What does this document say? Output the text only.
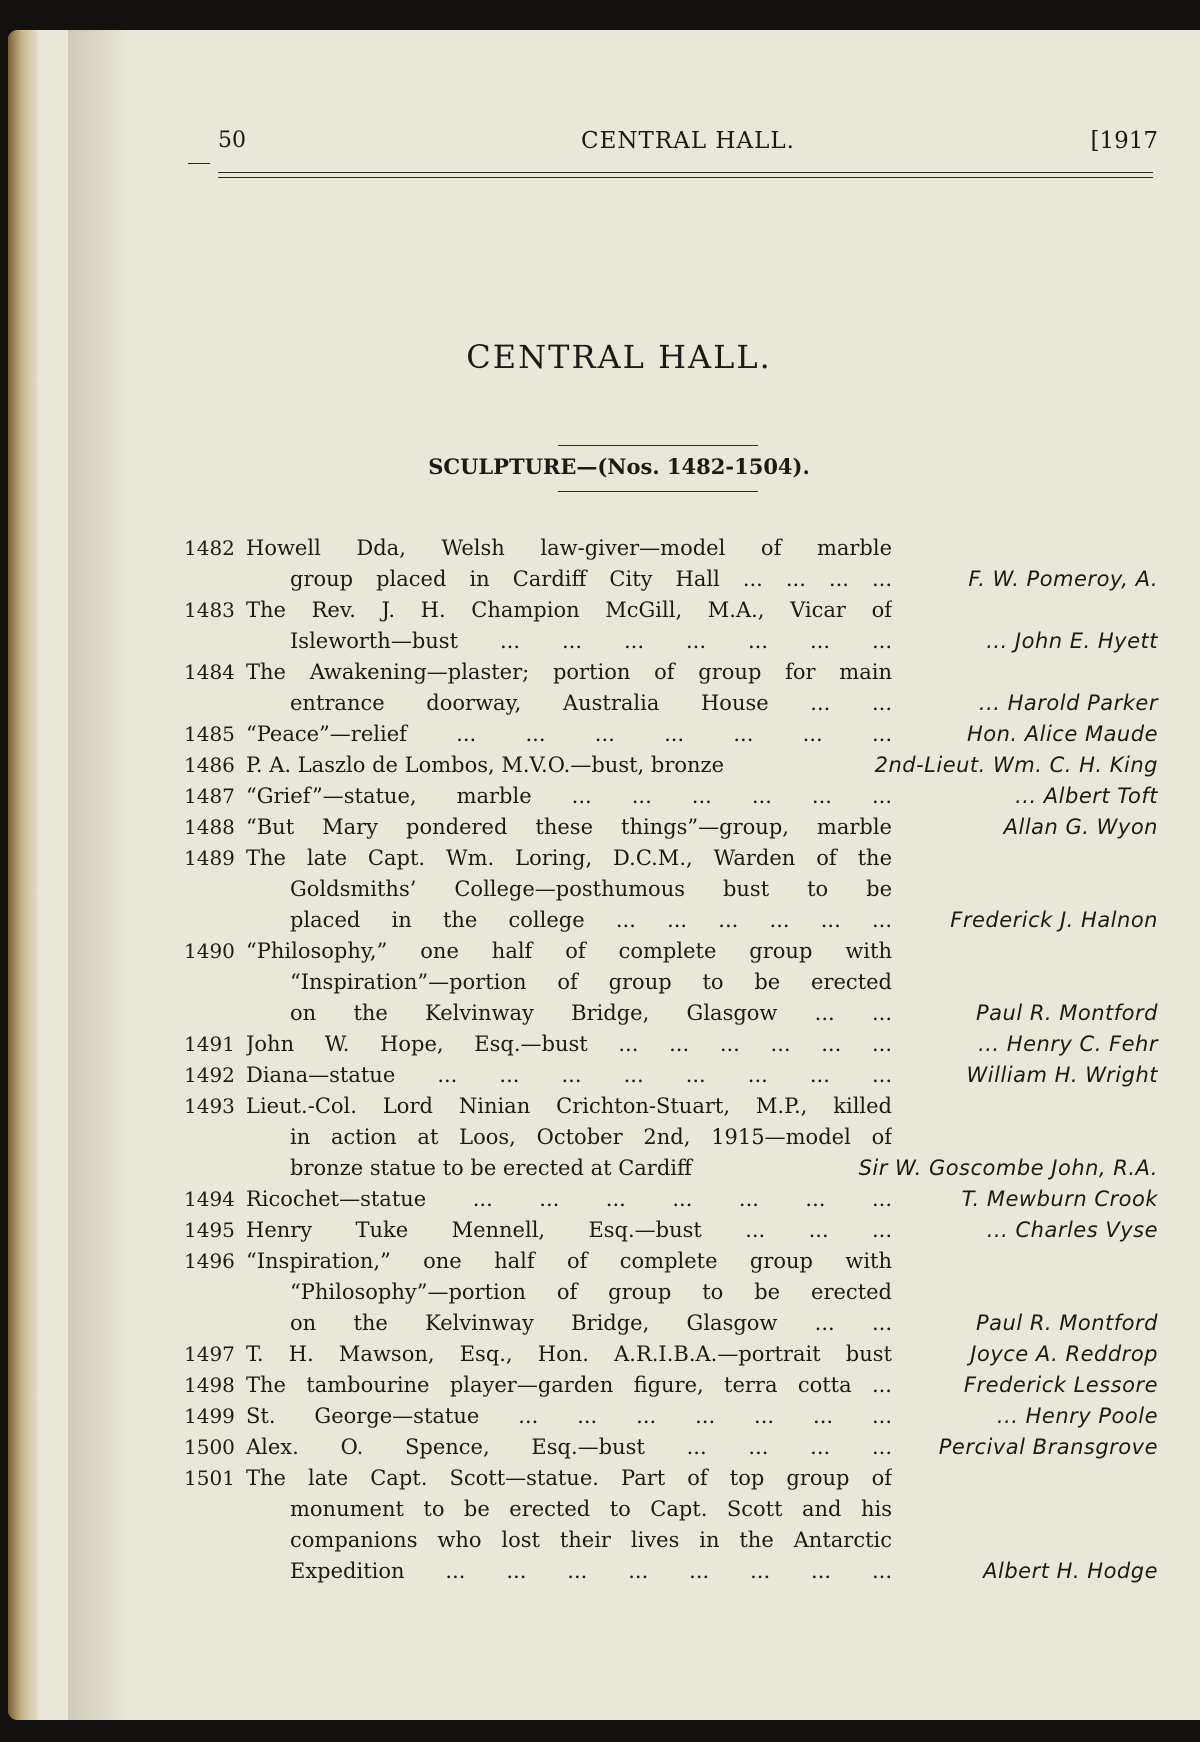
50	CENTRAL HALL.	[1917
CENTRAL HALL.
SCULPTURE—(Nos. 1482-1504).
1482 Howell Dda, Welsh law-giver—model of marble
group placed in Cardiff City Hall ... ... ... ...	F. W. Pomeroy, A.
1483 The Rev. J. H. Champion McGill, M.A., Vicar of
Isleworth—bust ... ... ... ... ... ... ...	... John E. Hyett
1484 The Awakening—plaster; portion of group for main
entrance doorway, Australia House ... ...	... Harold Parker
1485 “Peace”—relief ... ... ... ... ... ... ...	Hon. Alice Maude
1486 P. A. Laszlo de Lombos, M.V.O.—bust, bronze	2nd-Lieut. Wm. C. H. King
1487 “Grief”—statue, marble ... ... ... ... ... ...	... Albert Toft
1488 “But Mary pondered these things”—group, marble	Allan G. Wyon
1489 The late Capt. Wm. Loring, D.C.M., Warden of the
Goldsmiths’ College—posthumous bust to be
placed in the college ... ... ... ... ... ...	Frederick J. Halnon
1490 “Philosophy,” one half of complete group with
“Inspiration”—portion of group to be erected
on the Kelvinway Bridge, Glasgow ... ...	Paul R. Montford
1491 John W. Hope, Esq.—bust ... ... ... ... ... ...	... Henry C. Fehr
1492 Diana—statue ... ... ... ... ... ... ... ...	William H. Wright
1493 Lieut.-Col. Lord Ninian Crichton-Stuart, M.P., killed
in action at Loos, October 2nd, 1915—model of
bronze statue to be erected at Cardiff	Sir W. Goscombe John, R.A.
1494 Ricochet—statue ... ... ... ... ... ... ...	T. Mewburn Crook
1495 Henry Tuke Mennell, Esq.—bust ... ... ...	... Charles Vyse
1496 “Inspiration,” one half of complete group with
“Philosophy”—portion of group to be erected
on the Kelvinway Bridge, Glasgow ... ...	Paul R. Montford
1497 T. H. Mawson, Esq., Hon. A.R.I.B.A.—portrait bust	Joyce A. Reddrop
1498 The tambourine player—garden figure, terra cotta ...	Frederick Lessore
1499 St. George—statue ... ... ... ... ... ... ...	... Henry Poole
1500 Alex. O. Spence, Esq.—bust ... ... ... ...	Percival Bransgrove
1501 The late Capt. Scott—statue. Part of top group of
monument to be erected to Capt. Scott and his
companions who lost their lives in the Antarctic
Expedition ... ... ... ... ... ... ... ...	Albert H. Hodge
